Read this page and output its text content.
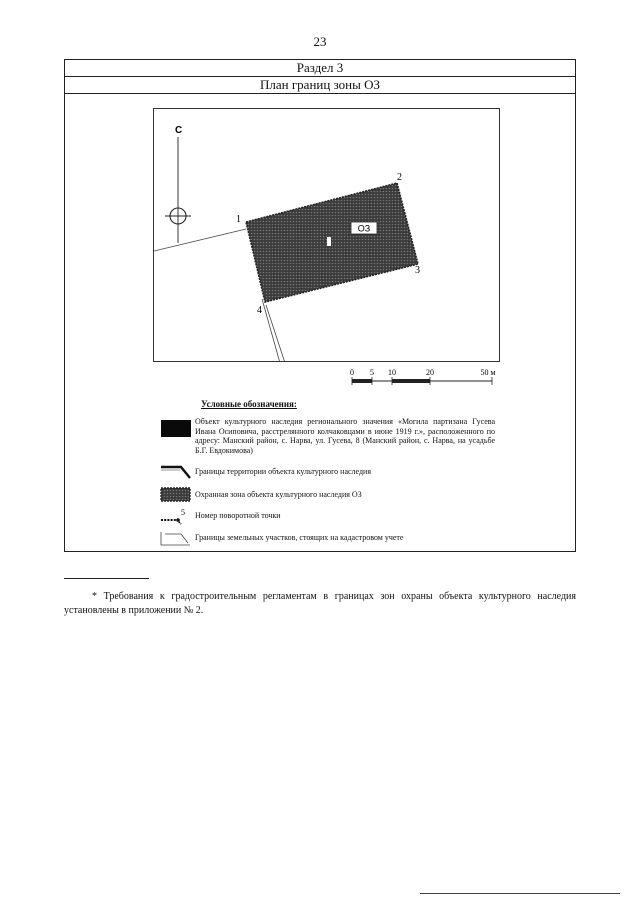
23
Раздел 3
План границ зоны ОЗ
ОЗ
1
2
3
4
С
0 5 10	20	50 м
Условные обозначения:
Объект культурного наследия регионального значения «Могила партизана Гусева Ивана Осиповича, расстрелянного колчаковцами в июне 1919 г.», расположенного по адресу: Манский район, с. Нарва, ул. Гусева, 8 (Манский район, с. Нарва, на усадьбе Б.Г. Евдокимова)
Границы территории объекта культурного наследия
Охранная зона объекта культурного наследия ОЗ
5 Номер поворотной точки
Границы земельных участков, стоящих на кадастровом учете
* Требования к градостроительным регламентам в границах зон охраны объекта культурного наследия установлены в приложении № 2.
